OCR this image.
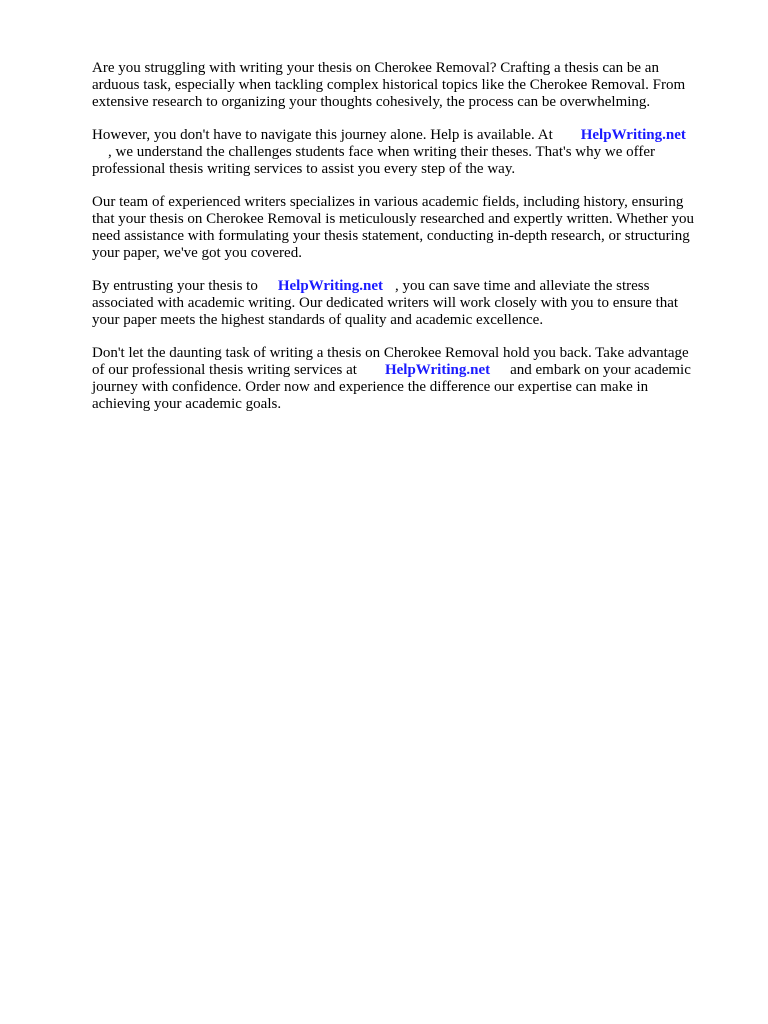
Are you struggling with writing your thesis on Cherokee Removal? Crafting a thesis can be an
arduous task, especially when tackling complex historical topics like the Cherokee Removal. From
extensive research to organizing your thoughts cohesively, the process can be overwhelming.

However, you don't have to navigate this journey alone. Help is available. At HelpWriting.net
, we understand the challenges students face when writing their theses. That's why we offer
professional thesis writing services to assist you every step of the way.

Our team of experienced writers specializes in various academic fields, including history, ensuring
that your thesis on Cherokee Removal is meticulously researched and expertly written. Whether you
need assistance with formulating your thesis statement, conducting in-depth research, or structuring
your paper, we've got you covered.

By entrusting your thesis to HelpWriting.net , you can save time and alleviate the stress
associated with academic writing. Our dedicated writers will work closely with you to ensure that
your paper meets the highest standards of quality and academic excellence.

Don't let the daunting task of writing a thesis on Cherokee Removal hold you back. Take advantage
of our professional thesis writing services at HelpWriting.net and embark on your academic
journey with confidence. Order now and experience the difference our expertise can make in
achieving your academic goals.
